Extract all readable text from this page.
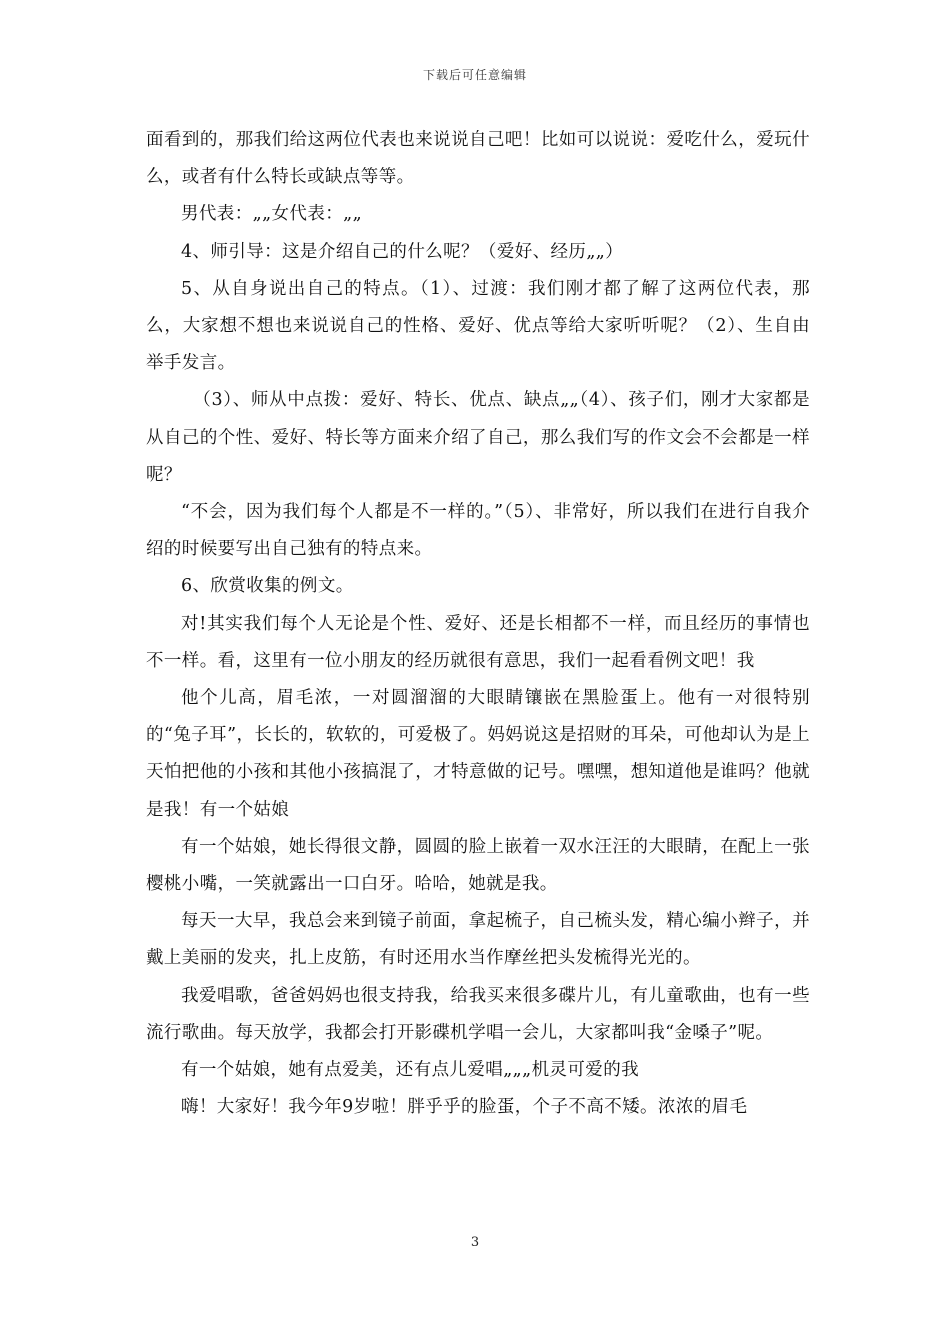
下载后可任意编辑

面看到的，那我们给这两位代表也来说说自己吧！比如可以说说：爱吃什么，爱玩什么，或者有什么特长或缺点等等。

男代表：„„女代表：„„

4、师引导：这是介绍自己的什么呢？（爱好、经历„„）

5、从自身说出自己的特点。（1）、过渡：我们刚才都了解了这两位代表，那么，大家想不想也来说说自己的性格、爱好、优点等给大家听听呢？（2）、生自由举手发言。

（3）、师从中点拨：爱好、特长、优点、缺点„„（4）、孩子们，刚才大家都是从自己的个性、爱好、特长等方面来介绍了自己，那么我们写的作文会不会都是一样呢？

“不会，因为我们每个人都是不一样的。”（5）、非常好，所以我们在进行自我介绍的时候要写出自己独有的特点来。

6、欣赏收集的例文。

对!其实我们每个人无论是个性、爱好、还是长相都不一样，而且经历的事情也不一样。看，这里有一位小朋友的经历就很有意思，我们一起看看例文吧！我

他个儿高，眉毛浓，一对圆溜溜的大眼睛镶嵌在黑脸蛋上。他有一对很特别的“兔子耳”，长长的，软软的，可爱极了。妈妈说这是招财的耳朵，可他却认为是上天怕把他的小孩和其他小孩搞混了，才特意做的记号。嘿嘿，想知道他是谁吗？他就是我！有一个姑娘

有一个姑娘，她长得很文静，圆圆的脸上嵌着一双水汪汪的大眼睛，在配上一张樱桃小嘴，一笑就露出一口白牙。哈哈，她就是我。

每天一大早，我总会来到镜子前面，拿起梳子，自己梳头发，精心编小辫子，并戴上美丽的发夹，扎上皮筋，有时还用水当作摩丝把头发梳得光光的。

我爱唱歌，爸爸妈妈也很支持我，给我买来很多碟片儿，有儿童歌曲，也有一些流行歌曲。每天放学，我都会打开影碟机学唱一会儿，大家都叫我“金嗓子”呢。

有一个姑娘，她有点爱美，还有点儿爱唱„„„机灵可爱的我

嗨！大家好！我今年9岁啦！胖乎乎的脸蛋，个子不高不矮。浓浓的眉毛

3
